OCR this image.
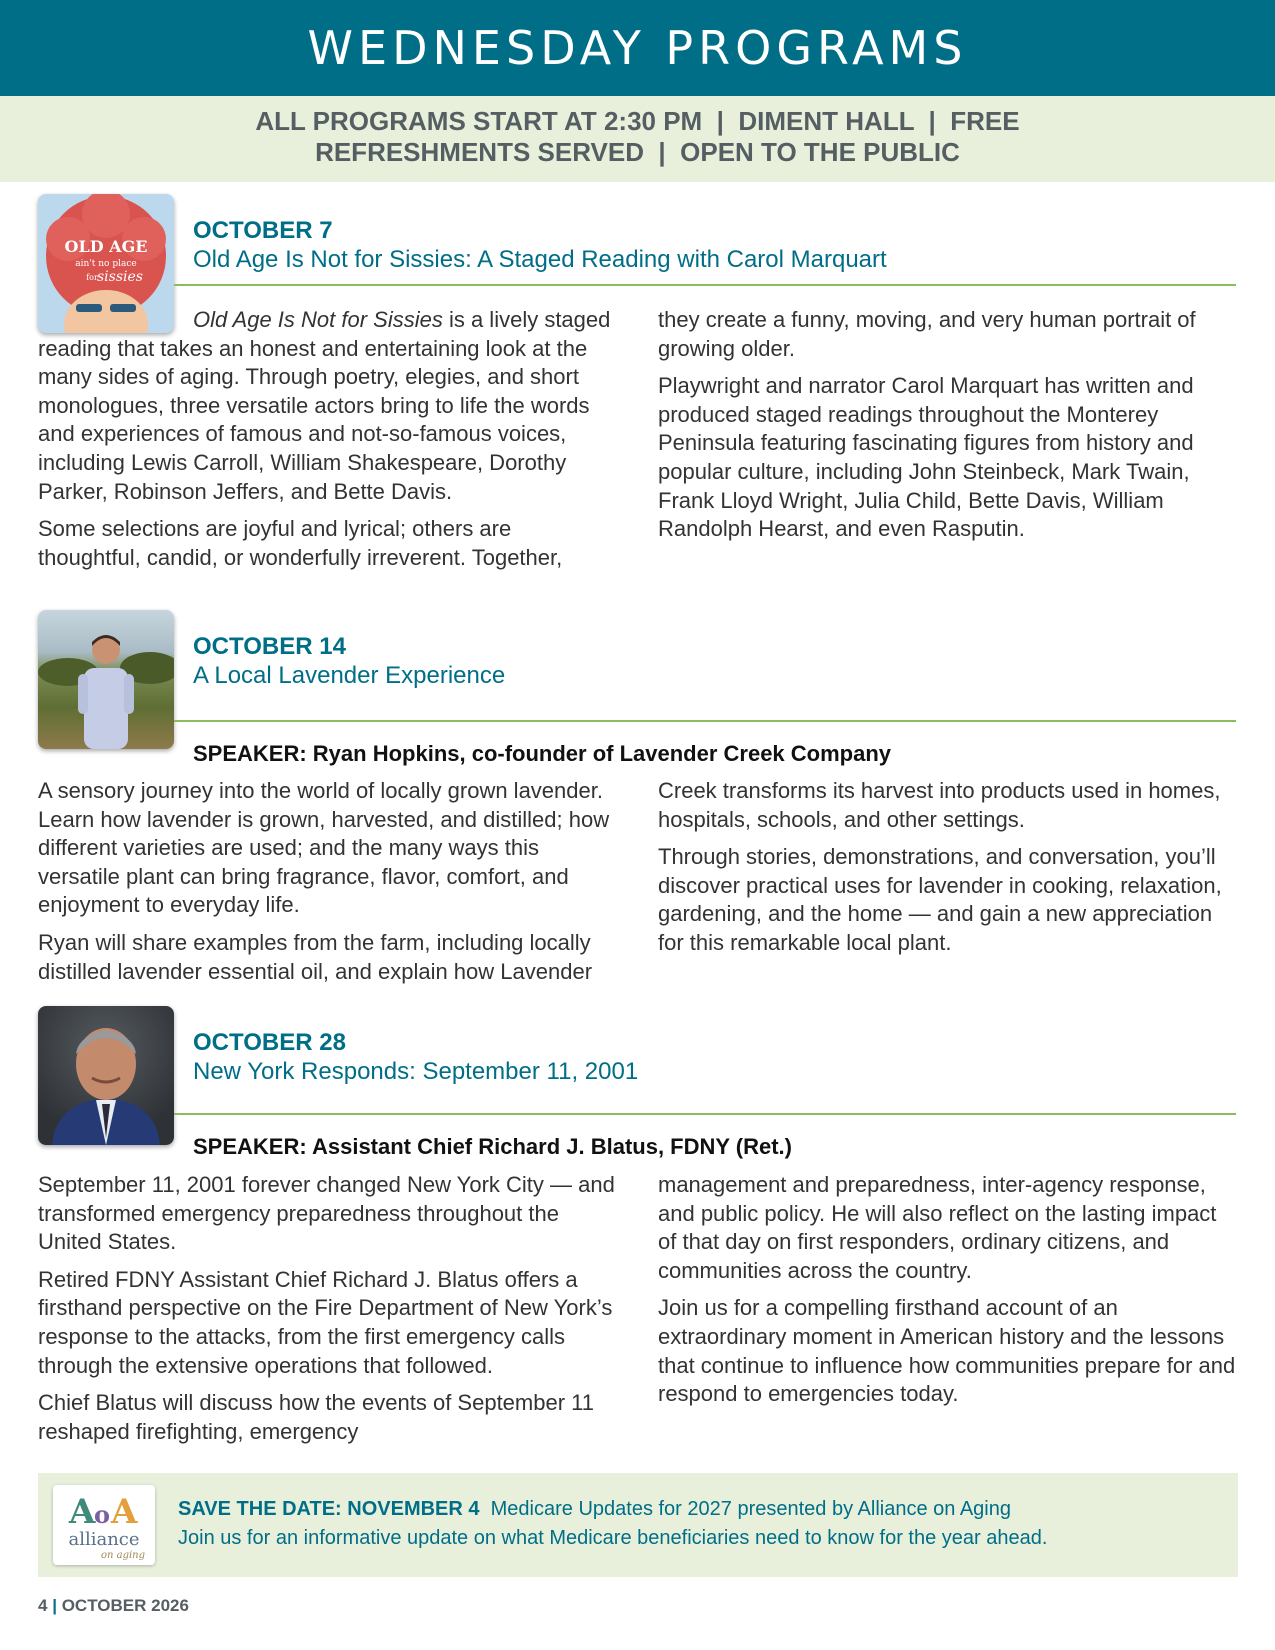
WEDNESDAY PROGRAMS
ALL PROGRAMS START AT 2:30 PM  |  DIMENT HALL  |  FREE
REFRESHMENTS SERVED  |  OPEN TO THE PUBLIC
OLD AGE
ain't no place
for sissies
OCTOBER 7
Old Age Is Not for Sissies: A Staged Reading with Carol Marquart

Old Age Is Not for Sissies is a lively staged reading that takes an honest and entertaining look at the many sides of aging. Through poetry, elegies, and short monologues, three versatile actors bring to life the words and experiences of famous and not-so-famous voices, including Lewis Carroll, William Shakespeare, Dorothy Parker, Robinson Jeffers, and Bette Davis.

Some selections are joyful and lyrical; others are thoughtful, candid, or wonderfully irreverent. Together,

they create a funny, moving, and very human portrait of growing older.

Playwright and narrator Carol Marquart has written and produced staged readings throughout the Monterey Peninsula featuring fascinating figures from history and popular culture, including John Steinbeck, Mark Twain, Frank Lloyd Wright, Julia Child, Bette Davis, William Randolph Hearst, and even Rasputin.

OCTOBER 14
A Local Lavender Experience
SPEAKER: Ryan Hopkins, co-founder of Lavender Creek Company

A sensory journey into the world of locally grown lavender. Learn how lavender is grown, harvested, and distilled; how different varieties are used; and the many ways this versatile plant can bring fragrance, flavor, comfort, and enjoyment to everyday life.

Ryan will share examples from the farm, including locally distilled lavender essential oil, and explain how Lavender

Creek transforms its harvest into products used in homes, hospitals, schools, and other settings.

Through stories, demonstrations, and conversation, you’ll discover practical uses for lavender in cooking, relaxation, gardening, and the home — and gain a new appreciation for this remarkable local plant.

OCTOBER 28
New York Responds: September 11, 2001
SPEAKER: Assistant Chief Richard J. Blatus, FDNY (Ret.)

September 11, 2001 forever changed New York City — and transformed emergency preparedness throughout the United States.

Retired FDNY Assistant Chief Richard J. Blatus offers a firsthand perspective on the Fire Department of New York’s response to the attacks, from the first emergency calls through the extensive operations that followed.

Chief Blatus will discuss how the events of September 11 reshaped firefighting, emergency

management and preparedness, inter-agency response, and public policy. He will also reflect on the lasting impact of that day on first responders, ordinary citizens, and communities across the country.

Join us for a compelling firsthand account of an extraordinary moment in American history and the lessons that continue to influence how communities prepare for and respond to emergencies today.

A
o A
alliance
on aging
SAVE THE DATE: NOVEMBER 4 Medicare Updates for 2027 presented by Alliance on Aging
Join us for an informative update on what Medicare beneficiaries need to know for the year ahead.
4 | OCTOBER 2026
